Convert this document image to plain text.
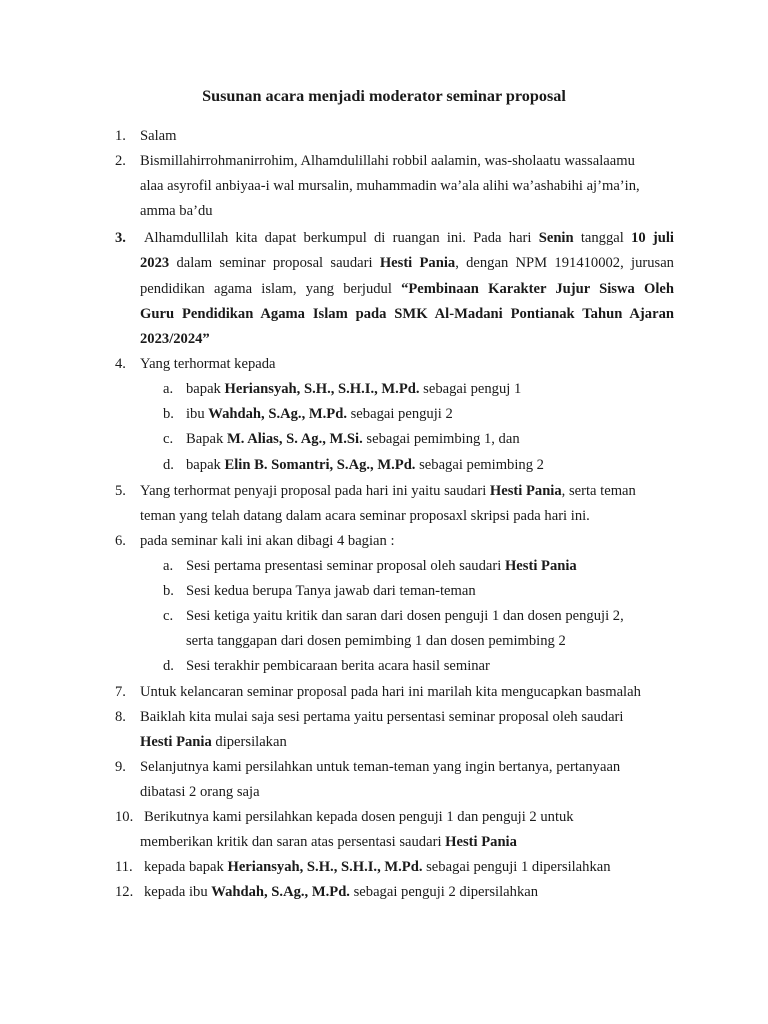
Susunan acara menjadi moderator seminar proposal
1. Salam
2. Bismillahirrohmanirrohim, Alhamdulillahi robbil aalamin, was-sholaatu wassalaamu
alaa asyrofil anbiyaa-i wal mursalin, muhammadin wa’ala alihi wa’ashabihi aj’ma’in,
amma ba’du
3. Alhamdullilah kita dapat berkumpul di ruangan ini. Pada hari Senin tanggal 10 juli
2023 dalam seminar proposal saudari Hesti Pania, dengan NPM 191410002, jurusan
pendidikan agama islam, yang berjudul “Pembinaan Karakter Jujur Siswa Oleh
Guru Pendidikan Agama Islam pada SMK Al-Madani Pontianak Tahun Ajaran
2023/2024”
4. Yang terhormat kepada
a. bapak Heriansyah, S.H., S.H.I., M.Pd. sebagai penguj 1
b. ibu Wahdah, S.Ag., M.Pd. sebagai penguji 2
c. Bapak M. Alias, S. Ag., M.Si. sebagai pemimbing 1, dan
d. bapak Elin B. Somantri, S.Ag., M.Pd. sebagai pemimbing 2
5. Yang terhormat penyaji proposal pada hari ini yaitu saudari Hesti Pania, serta teman
teman yang telah datang dalam acara seminar proposaxl skripsi pada hari ini.
6. pada seminar kali ini akan dibagi 4 bagian :
a. Sesi pertama presentasi seminar proposal oleh saudari Hesti Pania
b. Sesi kedua berupa Tanya jawab dari teman-teman
c. Sesi ketiga yaitu kritik dan saran dari dosen penguji 1 dan dosen penguji 2,
serta tanggapan dari dosen pemimbing 1 dan dosen pemimbing 2
d. Sesi terakhir pembicaraan berita acara hasil seminar
7. Untuk kelancaran seminar proposal pada hari ini marilah kita mengucapkan basmalah
8. Baiklah kita mulai saja sesi pertama yaitu persentasi seminar proposal oleh saudari
Hesti Pania dipersilakan
9. Selanjutnya kami persilahkan untuk teman-teman yang ingin bertanya, pertanyaan
dibatasi 2 orang saja
10. Berikutnya kami persilahkan kepada dosen penguji 1 dan penguji 2 untuk
memberikan kritik dan saran atas persentasi saudari Hesti Pania
11. kepada bapak Heriansyah, S.H., S.H.I., M.Pd. sebagai penguji 1 dipersilahkan
12. kepada ibu Wahdah, S.Ag., M.Pd. sebagai penguji 2 dipersilahkan
